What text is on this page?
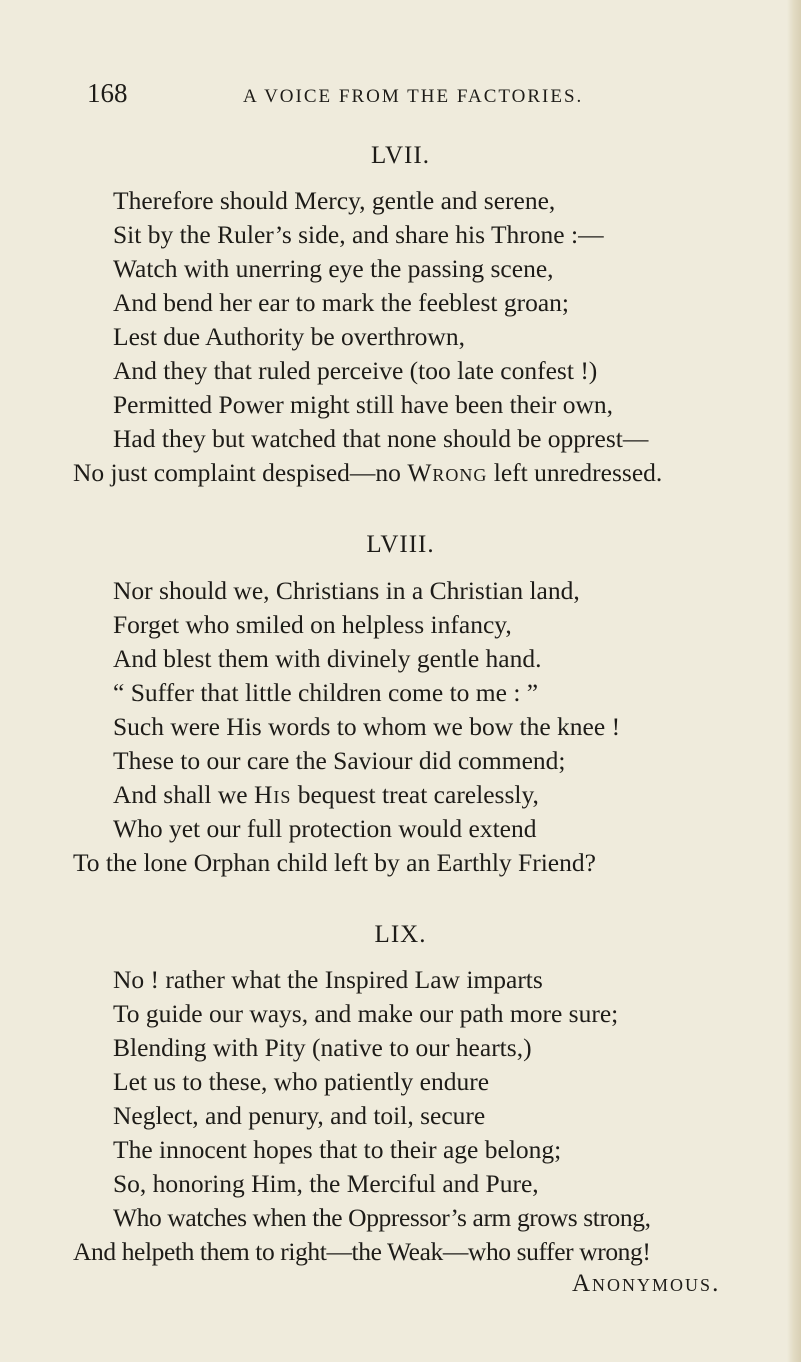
168	A VOICE FROM THE FACTORIES.
LVII.
Therefore should Mercy, gentle and serene,
Sit by the Ruler’s side, and share his Throne :—
Watch with unerring eye the passing scene,
And bend her ear to mark the feeblest groan;
Lest due Authority be overthrown,
And they that ruled perceive (too late confest !)
Permitted Power might still have been their own,
Had they but watched that none should be opprest—
No just complaint despised—no Wrong left unredressed.
LVIII.
Nor should we, Christians in a Christian land,
Forget who smiled on helpless infancy,
And blest them with divinely gentle hand.
“ Suffer that little children come to me : ”
Such were His words to whom we bow the knee !
These to our care the Saviour did commend;
And shall we His bequest treat carelessly,
Who yet our full protection would extend
To the lone Orphan child left by an Earthly Friend?
LIX.
No ! rather what the Inspired Law imparts
To guide our ways, and make our path more sure;
Blending with Pity (native to our hearts,)
Let us to these, who patiently endure
Neglect, and penury, and toil, secure
The innocent hopes that to their age belong;
So, honoring Him, the Merciful and Pure,
Who watches when the Oppressor’s arm grows strong,
And helpeth them to right—the Weak—who suffer wrong!
Anonymous.
